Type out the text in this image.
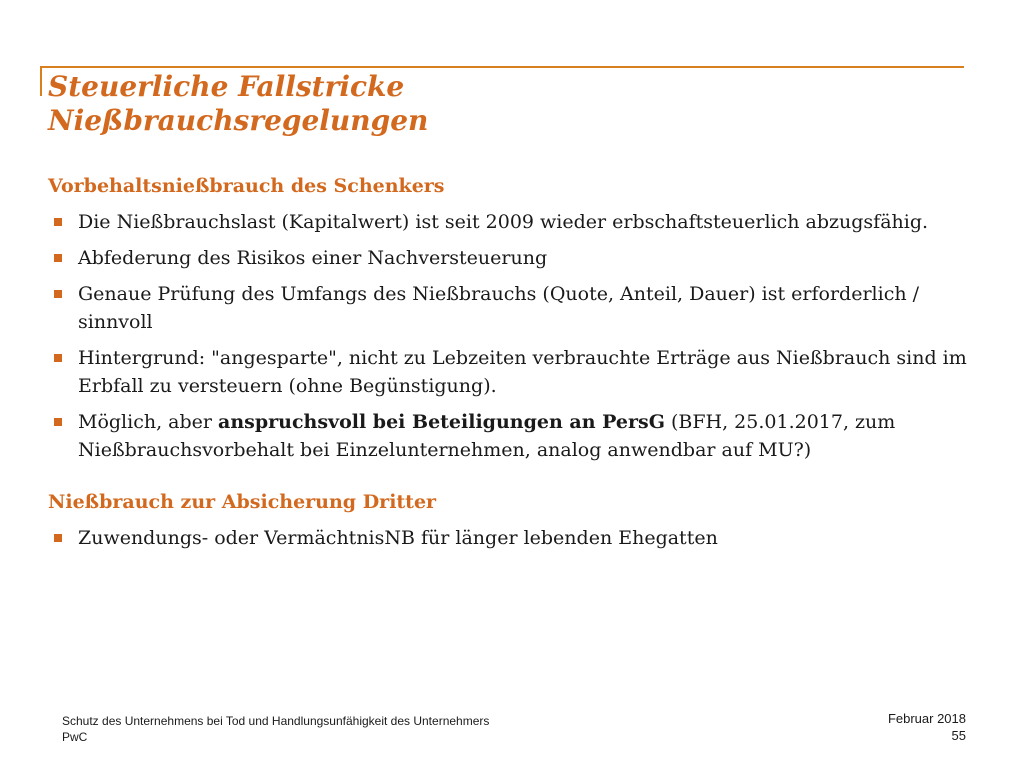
Steuerliche Fallstricke
Nießbrauchsregelungen
Vorbehaltsnießbrauch des Schenkers
Die Nießbrauchslast (Kapitalwert) ist seit 2009 wieder erbschaftsteuerlich abzugsfähig.
Abfederung des Risikos einer Nachversteuerung
Genaue Prüfung des Umfangs des Nießbrauchs (Quote, Anteil, Dauer) ist erforderlich / sinnvoll
Hintergrund: "angesparte", nicht zu Lebzeiten verbrauchte Erträge aus Nießbrauch sind im Erbfall zu versteuern (ohne Begünstigung).
Möglich, aber anspruchsvoll bei Beteiligungen an PersG (BFH, 25.01.2017, zum Nießbrauchsvorbehalt bei Einzelunternehmen, analog anwendbar auf MU?)
Nießbrauch zur Absicherung Dritter
Zuwendungs- oder VermächtnisNB für länger lebenden Ehegatten
Schutz des Unternehmens bei Tod und Handlungsunfähigkeit des Unternehmers
PwC
Februar 2018
55
